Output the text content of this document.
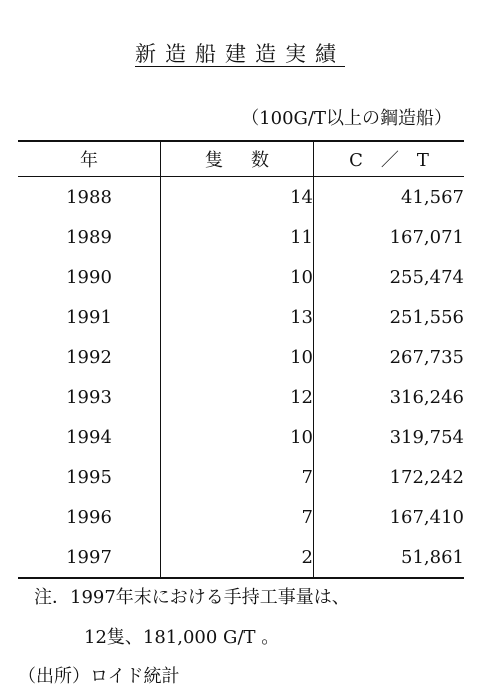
新造船建造実績
（100G/T以上の鋼造船）
年	隻数	C／T
1988	14	41,567
1989	11	167,071
1990	10	255,474
1991	13	251,556
1992	10	267,735
1993	12	316,246
1994	10	319,754
1995	7	172,242
1996	7	167,410
1997	2	51,861
注．1997年末における手持工事量は、
12隻、181,000 G/T 。
（出所）ロイド統計
